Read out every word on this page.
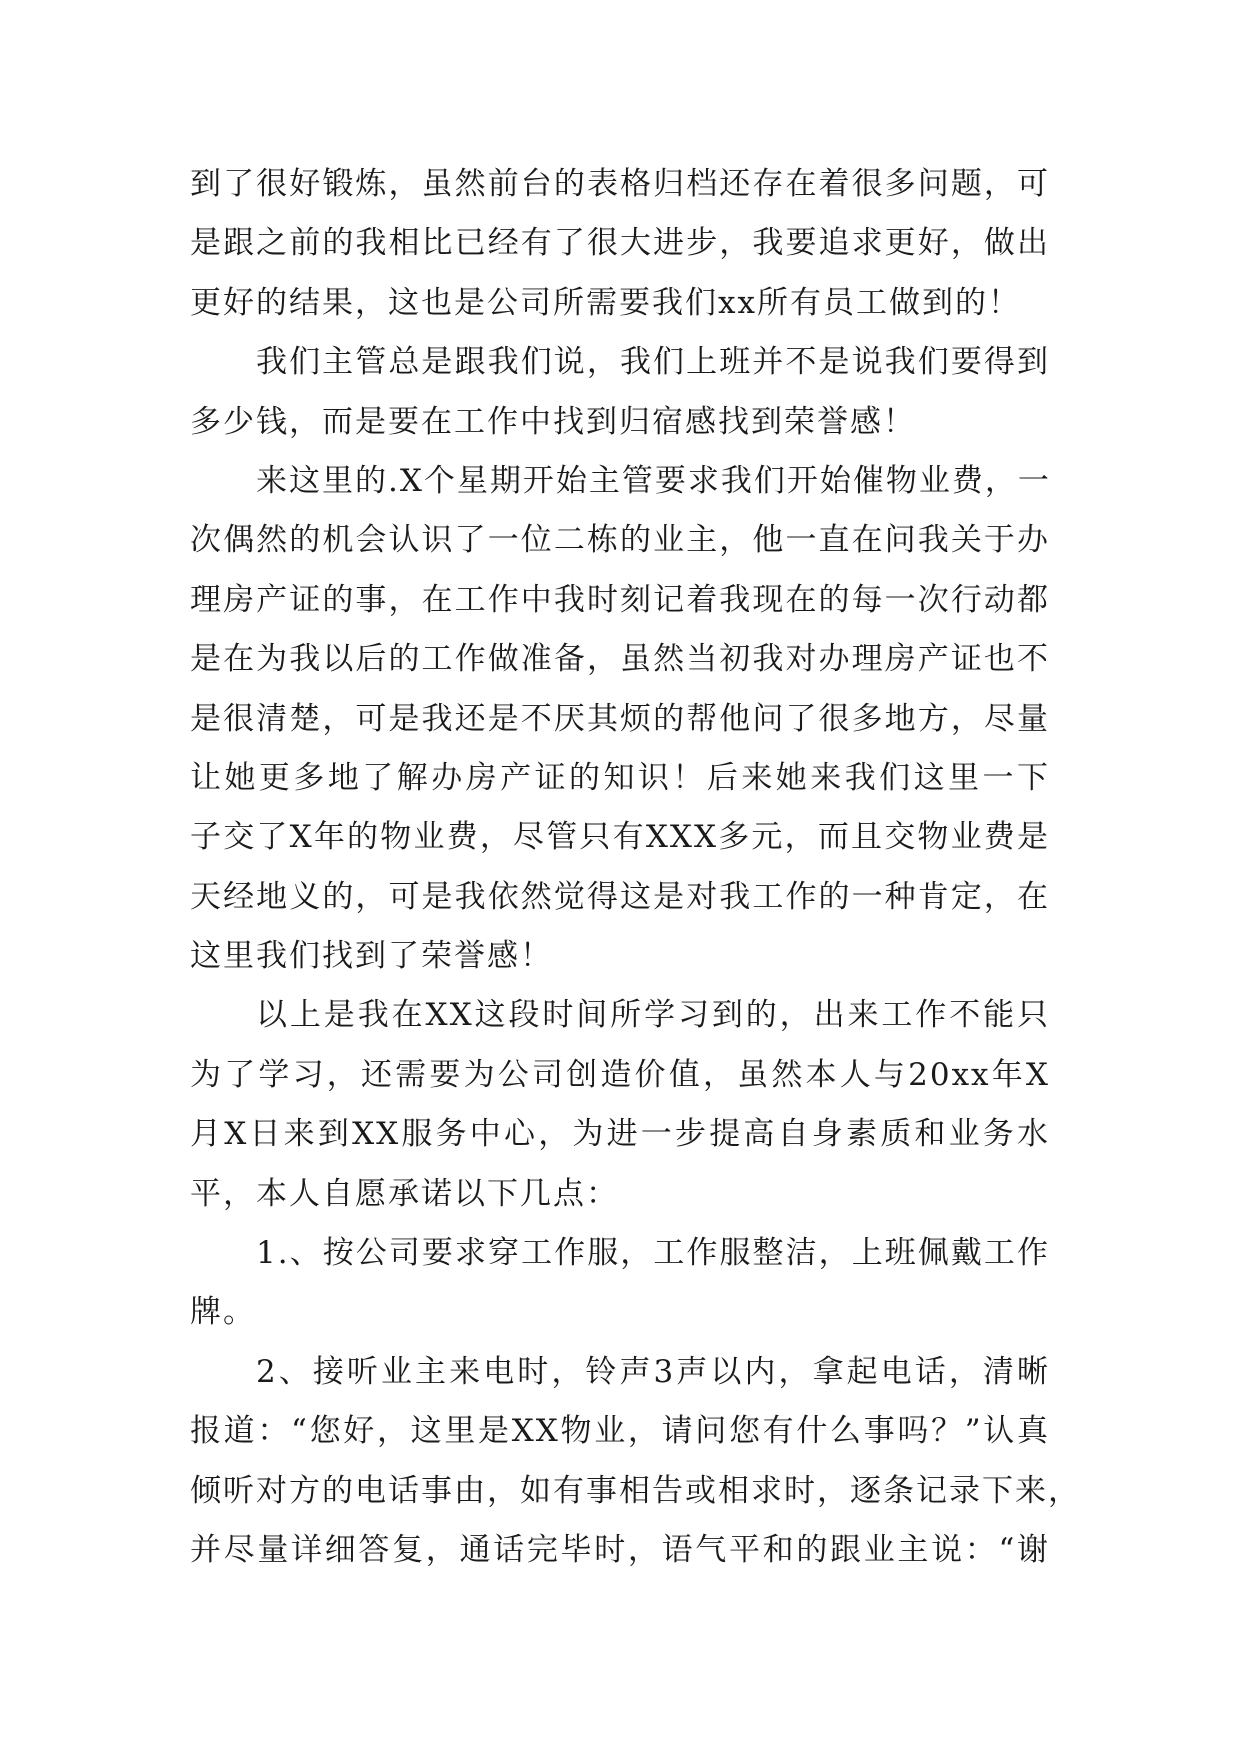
到了很好锻炼，虽然前台的表格归档还存在着很多问题，可
是跟之前的我相比已经有了很大进步，我要追求更好，做出
更好的结果，这也是公司所需要我们xx所有员工做到的！
我们主管总是跟我们说，我们上班并不是说我们要得到
多少钱，而是要在工作中找到归宿感找到荣誉感！
来这里的.X个星期开始主管要求我们开始催物业费，一
次偶然的机会认识了一位二栋的业主，他一直在问我关于办
理房产证的事，在工作中我时刻记着我现在的每一次行动都
是在为我以后的工作做准备，虽然当初我对办理房产证也不
是很清楚，可是我还是不厌其烦的帮他问了很多地方，尽量
让她更多地了解办房产证的知识！后来她来我们这里一下
子交了X年的物业费，尽管只有XXX多元，而且交物业费是
天经地义的，可是我依然觉得这是对我工作的一种肯定，在
这里我们找到了荣誉感！
以上是我在XX这段时间所学习到的，出来工作不能只
为了学习，还需要为公司创造价值，虽然本人与20xx年X
月X日来到XX服务中心，为进一步提高自身素质和业务水
平，本人自愿承诺以下几点：
1.、按公司要求穿工作服，工作服整洁，上班佩戴工作
牌。
2、接听业主来电时，铃声3声以内，拿起电话，清晰
报道：“您好，这里是XX物业，请问您有什么事吗？”认真
倾听对方的电话事由，如有事相告或相求时，逐条记录下来，
并尽量详细答复，通话完毕时，语气平和的跟业主说：“谢
